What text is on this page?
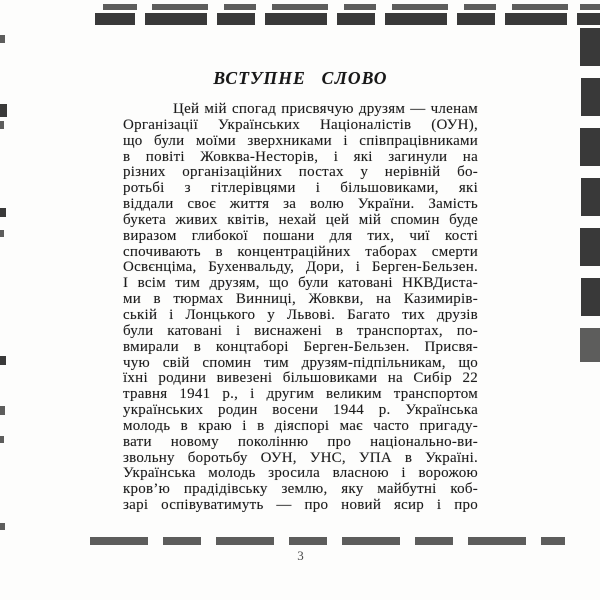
ВСТУПНЕ СЛОВО
Цей мій спогад присвячую друзям — членам
Організації Українських Націоналістів (ОУН),
що були моїми зверхниками і співпрацівниками
в повіті Жовква-Несторів, і які загинули на
різних організаційних постах у нерівній бо-
ротьбі з гітлерівцями і більшовиками, які
віддали своє життя за волю України. Замість
букета живих квітів, нехай цей мій спомин буде
виразом глибокої пошани для тих, чиї кості
спочивають в концентраційних таборах смерти
Освєнціма, Бухенвальду, Дори, і Берген-Бельзен.
І всім тим друзям, що були катовані НКВДиста-
ми в тюрмах Винниці, Жовкви, на Казимирів-
ській і Лонцького у Львові. Багато тих друзів
були катовані і виснажені в транспортах, по-
вмирали в концтаборі Берген-Бельзен. Присвя-
чую свій спомин тим друзям-підпільникам, що
їхні родини вивезені більшовиками на Сибір 22
травня 1941 р., і другим великим транспортом
українських родин восени 1944 р. Українська
молодь в краю і в діяспорі має часто пригаду-
вати новому поколінню про національно-ви-
звольну боротьбу ОУН, УНС, УПА в Україні.
Українська молодь зросила власною і ворожою
кров’ю прадідівську землю, яку майбутні коб-
зарі оспівуватимуть — про новий ясир і про
3
